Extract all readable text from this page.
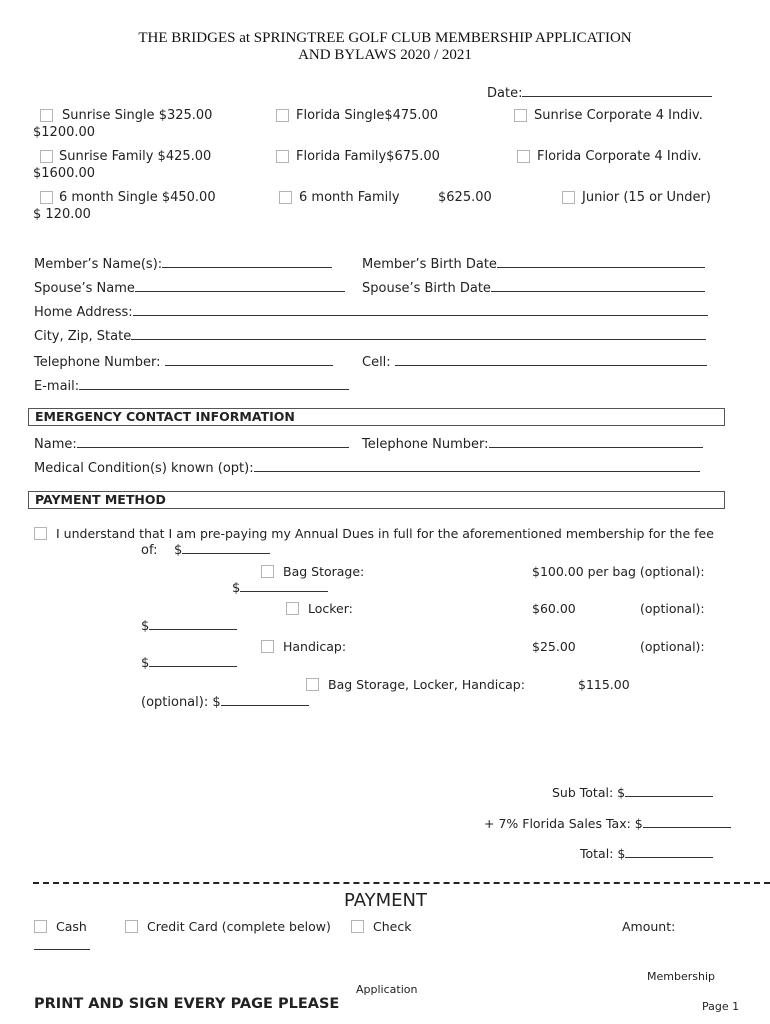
THE BRIDGES at SPRINGTREE GOLF CLUB MEMBERSHIP APPLICATION
AND BYLAWS 2020 / 2021
Date:
Sunrise Single $325.00	Florida Single$475.00	Sunrise Corporate 4 Indiv.
$1200.00
Sunrise Family $425.00	Florida Family$675.00	Florida Corporate 4 Indiv.
$1600.00
6 month Single $450.00	6 month Family	$625.00	Junior (15 or Under)
$ 120.00
Member’s Name(s):	Member’s Birth Date
Spouse’s Name	Spouse’s Birth Date
Home Address:
City, Zip, State
Telephone Number:	Cell:
E-mail:
EMERGENCY CONTACT INFORMATION
Name:	Telephone Number:
Medical Condition(s) known (opt):
PAYMENT METHOD
I understand that I am pre-paying my Annual Dues in full for the aforementioned membership for the fee
of: $
Bag Storage:	$100.00 per bag (optional):
$
Locker:	$60.00	(optional):
$
Handicap:	$25.00	(optional):
$
Bag Storage, Locker, Handicap:	$115.00
(optional): $
Sub Total: $
+ 7% Florida Sales Tax: $
Total: $
PAYMENT
Cash	Credit Card (complete below)	Check	Amount:
Membership
Application
PRINT AND SIGN EVERY PAGE PLEASE	Page 1
